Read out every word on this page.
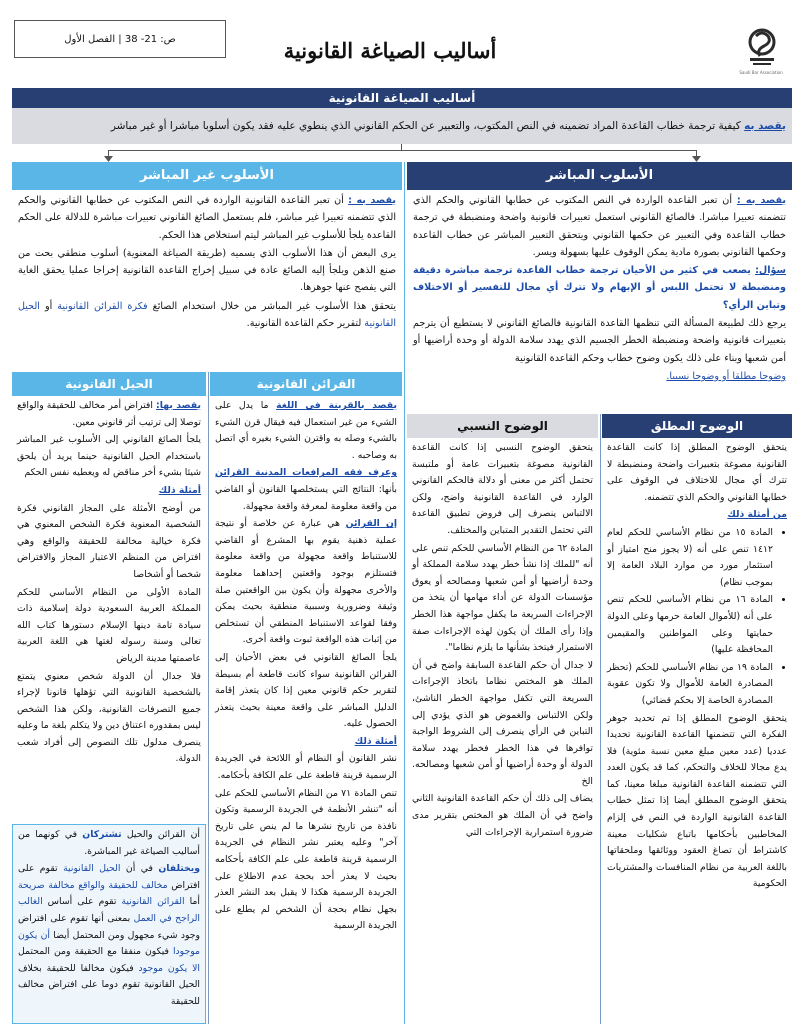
ص: 21- 38 | الفصل الأول	أساليب الصياغة القانونية
Saudi Bar Association
أساليب الصياغة القانونية
يقصد به كيفية ترجمة خطاب القاعدة المراد تضمينه في النص المكتوب، والتعبير عن الحكم القانوني الذي ينطوي عليه فقد يكون أسلوبا مباشرا أو غير مباشر
الأسلوب المباشر

يقصد به : أن تعبر القاعدة الواردة في النص المكتوب عن خطابها القانوني والحكم الذي تتضمنه تعبيرا مباشرا. فالصائغ القانوني استعمل تعبيرات قانونية واضحة ومنضبطة في ترجمة خطاب القاعدة وفي التعبير عن حكمها القانوني ويتحقق التعبير المباشر عن خطاب القاعدة وحكمها القانوني بصورة مادية يمكن الوقوف عليها بسهولة ويسر.

سؤال: يصعب في كثير من الأحيان ترجمة خطاب القاعدة ترجمة مباشرة دقيقة ومنضبطة لا تحتمل اللبس أو الإبهام ولا تترك أي مجال للتفسير أو الاختلاف وتباين الرأي؟

يرجع ذلك لطبيعة المسألة التي تنظمها القاعدة القانونية فالصائغ القانوني لا يستطيع أن يترجم بتعبيرات قانونية واضحة ومنضبطة الخطر الجسيم الذي يهدد سلامة الدولة أو وحدة أراضيها أو أمن شعبها وبناء على ذلك يكون وضوح خطاب وحكم القاعدة القانونية

وضوحا مطلقا أو وضوحا نسبيا.

الأسلوب غير المباشر

يقصد به : أن تعبر القاعدة القانونية الواردة في النص المكتوب عن خطابها القانوني والحكم الذي تتضمنه تعبيرا غير مباشر، فلم يستعمل الصائغ القانوني تعبيرات مباشرة للدلالة على الحكم القاعدة يلجأ للأسلوب غير المباشر ليتم استخلاص هذا الحكم.

يرى البعض أن هذا الأسلوب الذي يسميه (طريقة الصياغة المعنوية) أسلوب منطقي بحت من صنع الذهن ويلجأ إليه الصائغ عادة في سبيل إخراج القاعدة القانونية إخراجا عمليا يحقق الغاية التي يفصح عنها جوهرها.

يتحقق هذا الأسلوب غير المباشر من خلال استخدام الصائغ فكرة القرائن القانونية أو الحيل القانونية لتقرير حكم القاعدة القانونية.

الوضوح المطلق

يتحقق الوضوح المطلق إذا كانت القاعدة القانونية مصوغة بتعبيرات واضحة ومنضبطة لا تترك أي مجال للاختلاف في الوقوف على خطابها القانوني والحكم الذي تتضمنه.

من أمثلة ذلك

• المادة ١٥ من نظام الأساسي للحكم لعام ١٤١٢ تنص على أنه (لا يجوز منح امتياز أو استثمار مورد من موارد البلاد العامة إلا بموجب نظام)
• المادة ١٦ من نظام الأساسي للحكم تنص على أنه (للأموال العامة حرمها وعلى الدولة حمايتها وعلى المواطنين والمقيمين المحافظة عليها)
• المادة ١٩ من نظام الأساسي للحكم (تحظر المصادرة العامة للأموال ولا تكون عقوبة المصادرة الخاصة إلا بحكم قضائي)

يتحقق الوضوح المطلق إذا تم تحديد جوهر الفكرة التي تتضمنها القاعدة القانونية تحديدا عدديا (عدد معين مبلغ معين نسبة مئوية) فلا يدع مجالا للخلاف والتحكم، كما قد يكون العدد التي تتضمنه القاعدة القانونية مبلغا معينا، كما يتحقق الوضوح المطلق أيضا إذا تمثل خطاب القاعدة القانونية الواردة في النص في إلزام المخاطبين بأحكامها باتباع شكليات معينة كاشتراط أن تصاغ العقود ووثائقها وملحقاتها باللغة العربية من نظام المنافسات والمشتريات الحكومية

الوضوح النسبي

يتحقق الوضوح النسبي إذا كانت القاعدة القانونية مصوغة بتعبيرات عامة أو ملتبسة تحتمل أكثر من معنى أو دلالة فالحكم القانوني الوارد في القاعدة القانونية واضح، ولكن الالتباس ينصرف إلى فروض تطبيق القاعدة التي تحتمل التقدير المتباين والمختلف.

المادة ٦٢ من النظام الأساسي للحكم تنص على أنه "للملك إذا نشأ خطر يهدد سلامة المملكة أو وحدة أراضيها أو أمن شعبها ومصالحه أو يعوق مؤسسات الدولة عن أداء مهامها أن يتخذ من الإجراءات السريعة ما يكفل مواجهة هذا الخطر وإذا رأى الملك أن يكون لهذه الإجراءات صفة الاستمرار فيتخذ بشأنها ما يلزم نظاما".

لا جدال أن حكم القاعدة السابقة واضح في أن الملك هو المختص نظاما باتخاذ الإجراءات السريعة التي تكفل مواجهة الخطر الناشئ، ولكن الالتباس والغموض هو الذي يؤدي إلى التباين في الرأي ينصرف إلى الشروط الواجبة توافرها في هذا الخطر فخطر يهدد سلامة الدولة أو وحدة أراضيها أو أمن شعبها ومصالحه. الخ

يضاف إلى ذلك أن حكم القاعدة القانونية الثاني واضح في أن الملك هو المختص بتقرير مدى ضرورة استمرارية الإجراءات التي

القرائن القانونية

يقصد بالقرينة في اللغة ما يدل على الشيء من غير استعمال فيه فيقال قرن الشيء بالشيء وصله به واقترن الشيء بغيره أي اتصل به وصاحبه .

وعرف فقه المرافعات المدنية القرائن بأنها: النتائج التي يستخلصها القانون أو القاضي من واقعة معلومة لمعرفة واقعة مجهولة.

إن القرائن هي عبارة عن خلاصة أو نتيجة عملية ذهنية يقوم بها المشرع أو القاضي للاستنباط واقعة مجهولة من واقعة معلومة فتستلزم بوجود واقعتين إحداهما معلومة والأخرى مجهولة وأن يكون بين الواقعتين صلة وثيقة وضرورية وسببية منطقية بحيث يمكن وفقا لقواعد الاستنباط المنطقي أن تستخلص من إثبات هذه الواقعة ثبوت واقعة أخرى.

يلجأ الصائغ القانوني في بعض الأحيان إلى القرائن القانونية سواء كانت قاطعة أم بسيطة لتقرير حكم قانوني معين إذا كان يتعذر إقامة الدليل المباشر على واقعة معينة بحيث يتعذر الحصول عليه.

أمثلة ذلك

نشر القانون أو النظام أو اللائحة في الجريدة الرسمية قرينة قاطعة على علم الكافة بأحكامه.

تنص المادة ٧١ من النظام الأساسي للحكم على أنه "تنشر الأنظمة في الجريدة الرسمية وتكون نافذة من تاريخ نشرها ما لم ينص على تاريخ آخر" وعليه يعتبر نشر النظام في الجريدة الرسمية قرينة قاطعة على علم الكافة بأحكامه بحيث لا يعذر أحد بحجة عدم الاطلاع على الجريدة الرسمية هكذا لا يقبل بعد النشر العذر بجهل نظام بحجة أن الشخص لم يطلع على الجريدة الرسمية

الحيل القانونية

يقصد بها: افتراض أمر مخالف للحقيقة والواقع توصلا إلى ترتيب أثر قانوني معين.

يلجأ الصائغ القانوني إلى الأسلوب غير المباشر باستخدام الحيل القانونية حينما يريد أن يلحق شيئا بشيء أخر مناقض له ويعطيه نفس الحكم

أمثلة ذلك

من أوضح الأمثلة على المجاز القانوني فكرة الشخصية المعنوية فكرة الشخص المعنوي هي فكرة خيالية مخالفة للحقيقة والواقع وهي افتراض من المنظم الاعتبار المجاز والافتراض شخصا أو أشخاصا

المادة الأولى من النظام الأساسي للحكم المملكة العربية السعودية دولة إسلامية ذات سيادة تامة دينها الإسلام دستورها كتاب الله تعالى وسنة رسوله لغتها هي اللغة العربية عاصمتها مدينة الرياض

فلا جدال أن الدولة شخص معنوي يتمتع بالشخصية القانونية التي تؤهلها قانونا لإجراء جميع التصرفات القانونية، ولكن هذا الشخص ليس بمقدوره اعتناق دين ولا يتكلم بلغة ما وعليه ينصرف مدلول تلك النصوص إلى أفراد شعب الدولة.

أن القرائن والحيل تشتركان في كونهما من أساليب الصياغة غير المباشرة.

ويختلفان في أن الحيل القانونية تقوم على افتراض مخالف للحقيقة والواقع مخالفة صريحة أما القرائن القانونية تقوم على أساس الغالب الراجح في العمل بمعنى أنها تقوم على افتراض وجود شيء مجهول ومن المحتمل أيضا أن يكون موجودا فيكون منفقا مع الحقيقة ومن المحتمل الا يكون موجود فيكون مخالفا للحقيقة بخلاف الحيل القانونية تقوم دوما على افتراض مخالف للحقيقة
